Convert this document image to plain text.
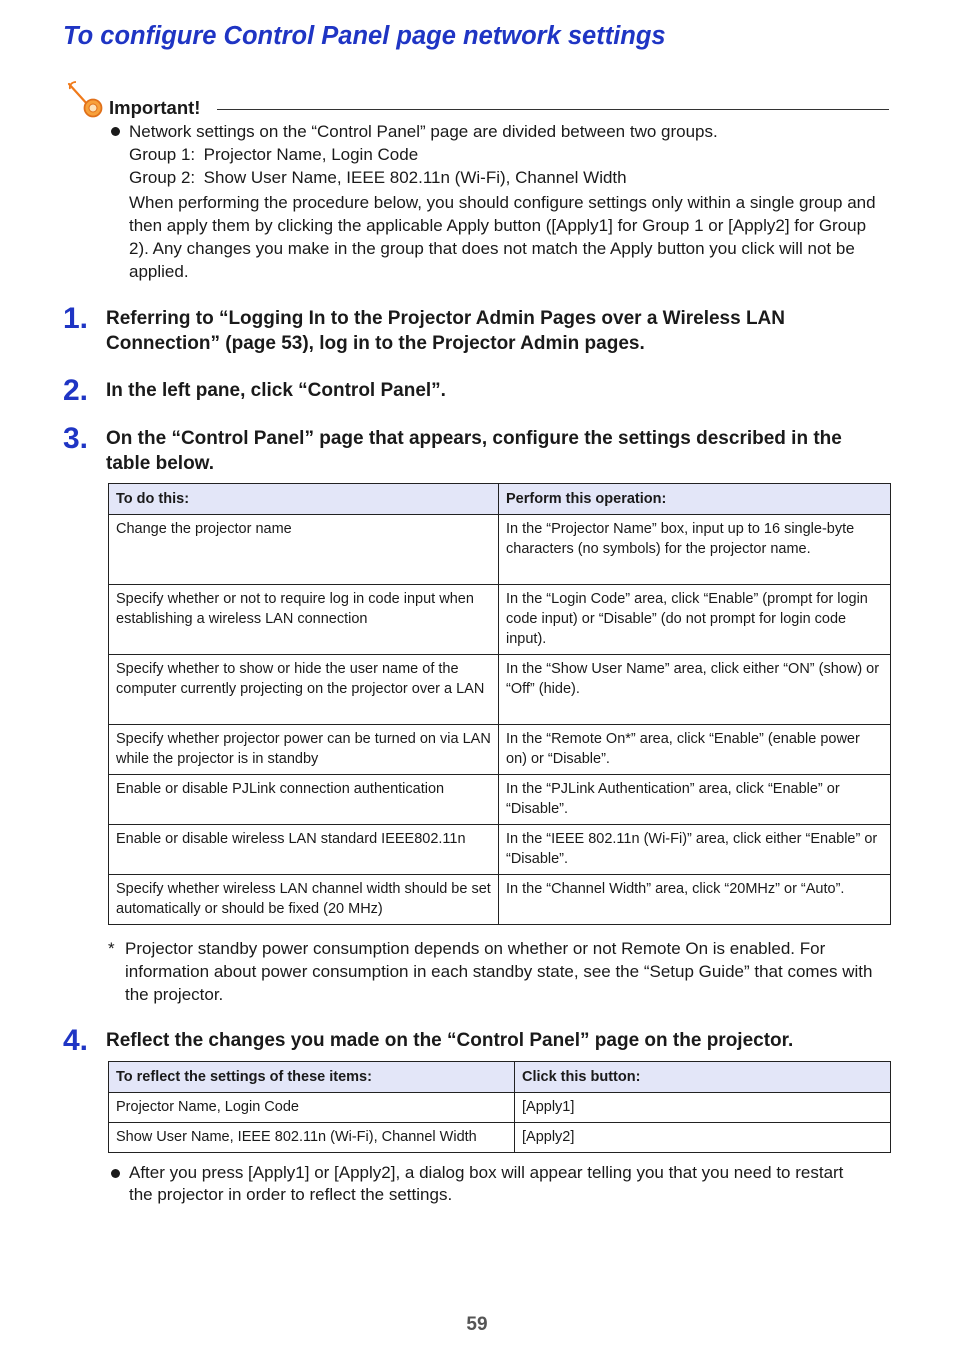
To configure Control Panel page network settings
Important!
Network settings on the “Control Panel” page are divided between two groups.
Group 1: Projector Name, Login Code
Group 2: Show User Name, IEEE 802.11n (Wi-Fi), Channel Width
When performing the procedure below, you should configure settings only within a single group and then apply them by clicking the applicable Apply button ([Apply1] for Group 1 or [Apply2] for Group 2). Any changes you make in the group that does not match the Apply button you click will not be applied.
1. Referring to “Logging In to the Projector Admin Pages over a Wireless LAN Connection” (page 53), log in to the Projector Admin pages.
2. In the left pane, click “Control Panel”.
3. On the “Control Panel” page that appears, configure the settings described in the table below.
To do this:	Perform this operation:
Change the projector name	In the “Projector Name” box, input up to 16 single-byte characters (no symbols) for the projector name.
Specify whether or not to require log in code input when establishing a wireless LAN connection	In the “Login Code” area, click “Enable” (prompt for login code input) or “Disable” (do not prompt for login code input).
Specify whether to show or hide the user name of the computer currently projecting on the projector over a LAN	In the “Show User Name” area, click either “ON” (show) or “Off” (hide).
Specify whether projector power can be turned on via LAN while the projector is in standby	In the “Remote On*” area, click “Enable” (enable power on) or “Disable”.
Enable or disable PJLink connection authentication	In the “PJLink Authentication” area, click “Enable” or “Disable”.
Enable or disable wireless LAN standard IEEE802.11n	In the “IEEE 802.11n (Wi-Fi)” area, click either “Enable” or “Disable”.
Specify whether wireless LAN channel width should be set automatically or should be fixed (20 MHz)	In the “Channel Width” area, click “20MHz” or “Auto”.
* Projector standby power consumption depends on whether or not Remote On is enabled. For information about power consumption in each standby state, see the “Setup Guide” that comes with the projector.
4. Reflect the changes you made on the “Control Panel” page on the projector.
To reflect the settings of these items:	Click this button:
Projector Name, Login Code	[Apply1]
Show User Name, IEEE 802.11n (Wi-Fi), Channel Width	[Apply2]
After you press [Apply1] or [Apply2], a dialog box will appear telling you that you need to restart the projector in order to reflect the settings.
59
